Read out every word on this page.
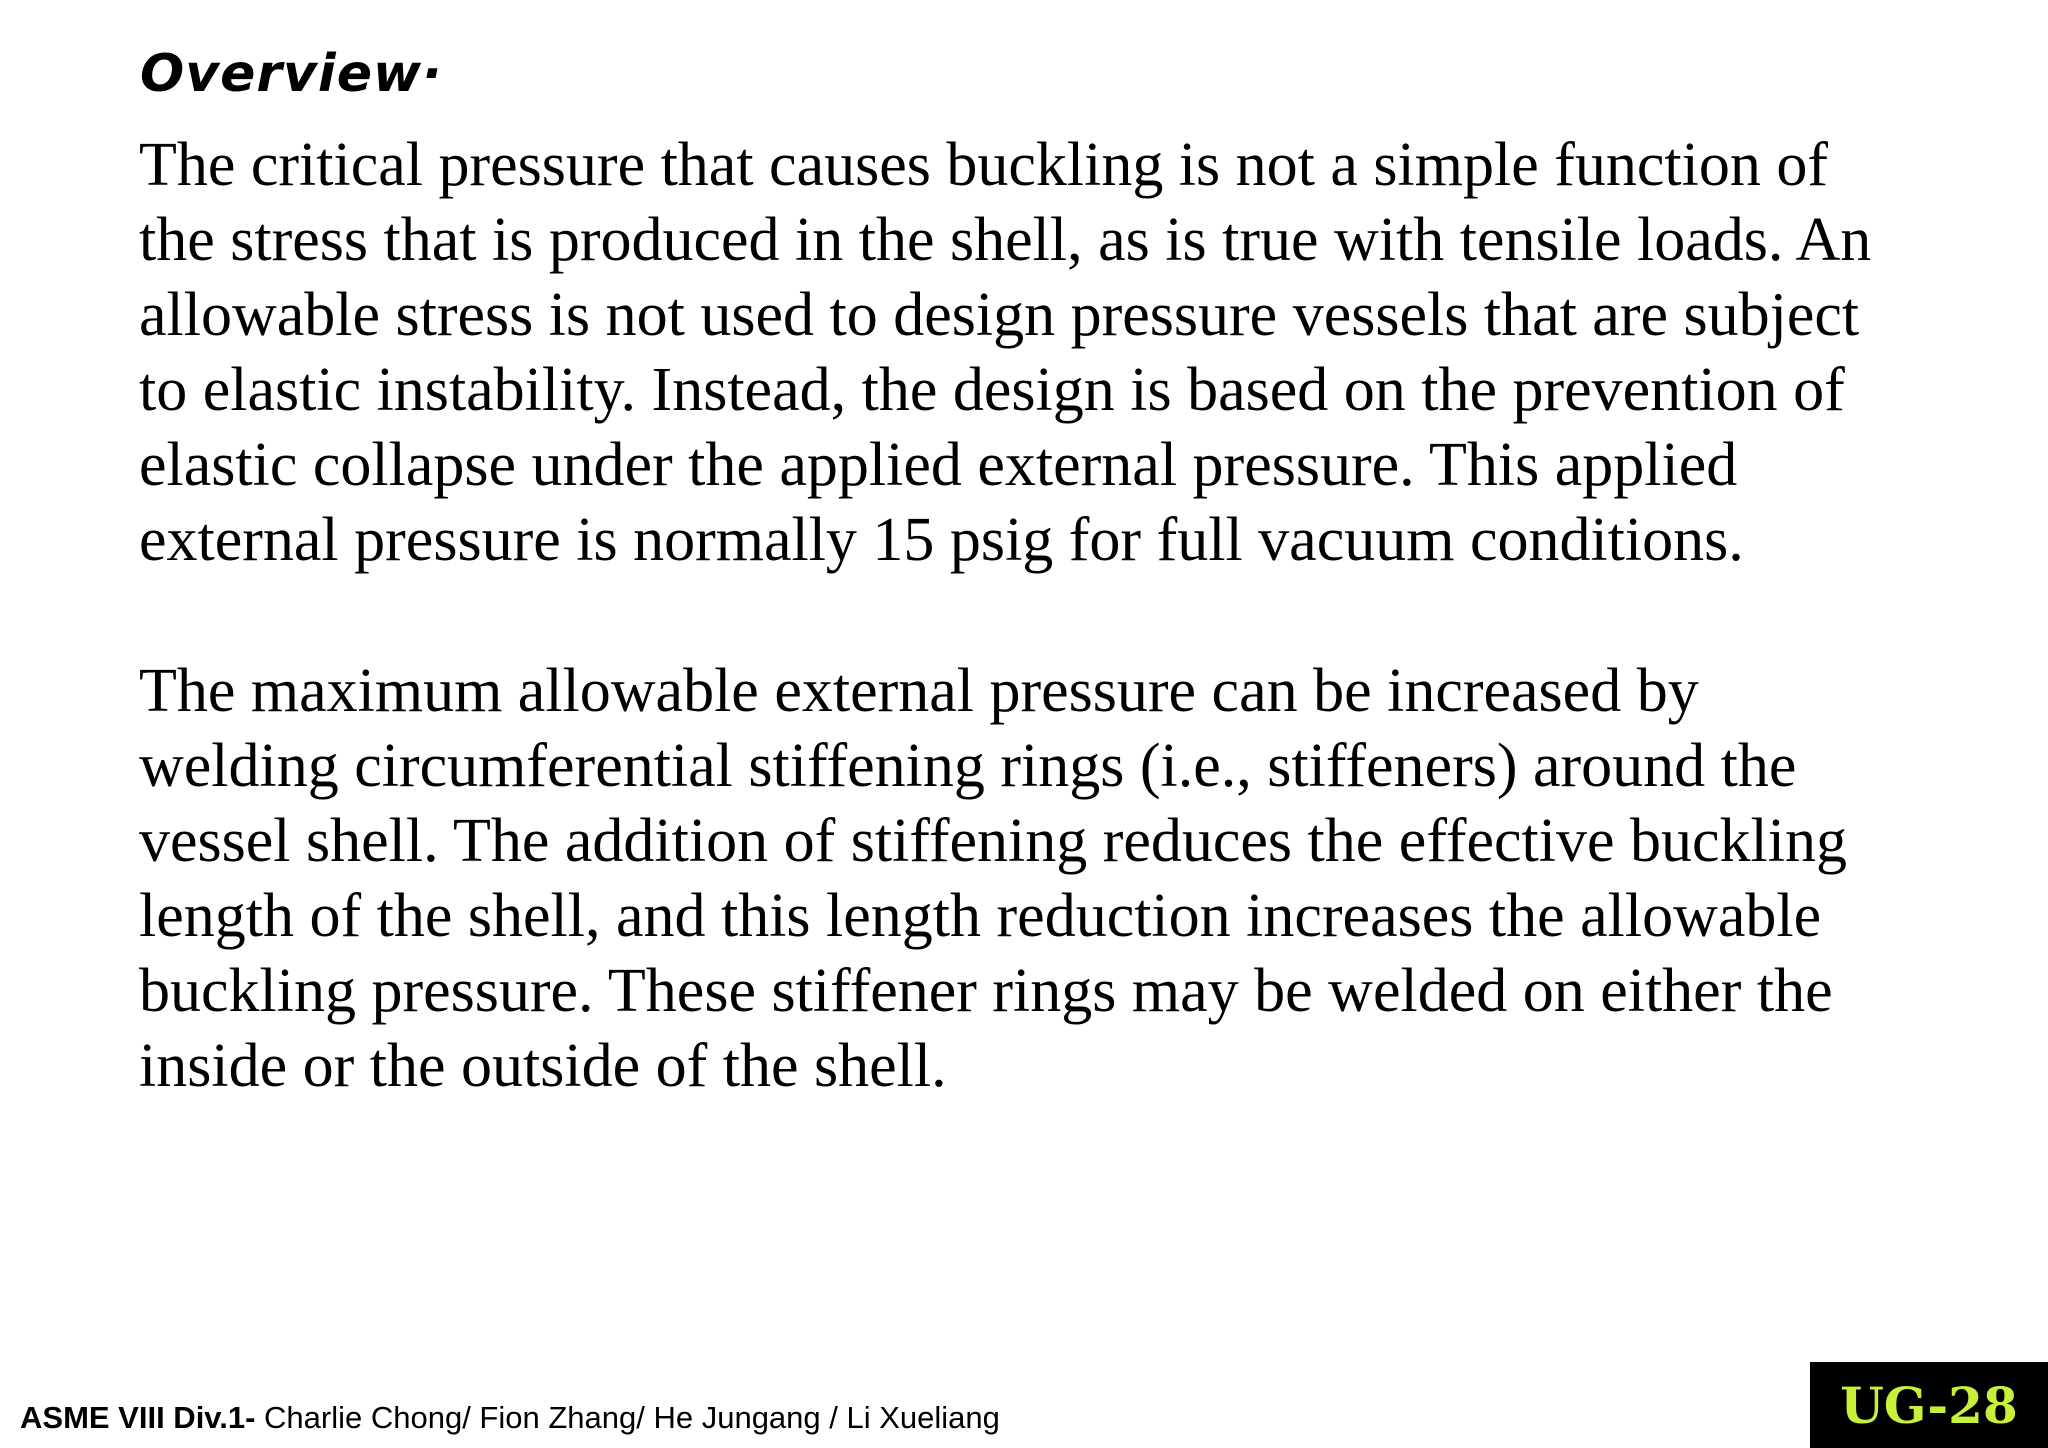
Overview·

The critical pressure that causes buckling is not a simple function of
the stress that is produced in the shell, as is true with tensile loads. An
allowable stress is not used to design pressure vessels that are subject
to elastic instability. Instead, the design is based on the prevention of
elastic collapse under the applied external pressure. This applied
external pressure is normally 15 psig for full vacuum conditions.

The maximum allowable external pressure can be increased by
welding circumferential stiffening rings (i.e., stiffeners) around the
vessel shell. The addition of stiffening reduces the effective buckling
length of the shell, and this length reduction increases the allowable
buckling pressure. These stiffener rings may be welded on either the
inside or the outside of the shell.

ASME VIII Div.1- Charlie Chong/ Fion Zhang/ He Jungang / Li Xueliang	UG-28
